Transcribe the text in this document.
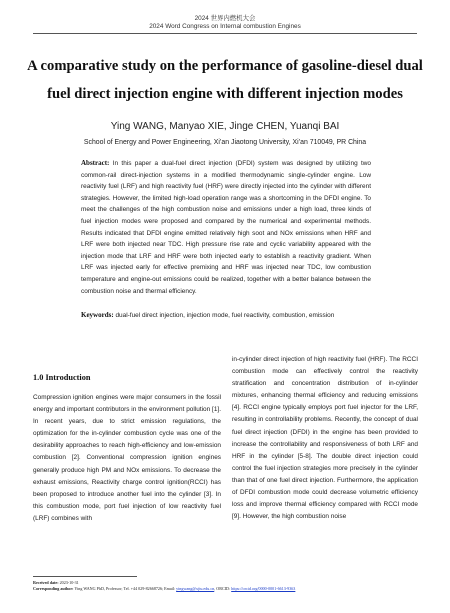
2024 世界内燃机大会
2024 Word Congress on Internal combustion Engines
A comparative study on the performance of gasoline-diesel dual
fuel direct injection engine with different injection modes
Ying WANG, Manyao XIE, Jinge CHEN, Yuanqi BAI
School of Energy and Power Engineering, Xi’an Jiaotong University, Xi’an 710049, PR China

Abstract: In this paper a dual-fuel direct injection (DFDI) system was designed by utilizing two common-rail direct-injection systems in a modified thermodynamic single-cylinder engine. Low reactivity fuel (LRF) and high reactivity fuel (HRF) were directly injected into the cylinder with different strategies. However, the limited high-load operation range was a shortcoming in the DFDI engine. To meet the challenges of the high combustion noise and emissions under a high load, three kinds of fuel injection modes were proposed and compared by the numerical and experimental methods. Results indicated that DFDI engine emitted relatively high soot and NOx emissions when HRF and LRF were both injected near TDC. High pressure rise rate and cyclic variability appeared with the injection mode that LRF and HRF were both injected early to establish a reactivity gradient. When LRF was injected early for effective premixing and HRF was injected near TDC, low combustion temperature and engine-out emissions could be realized, together with a better balance between the combustion noise and thermal efficiency.

Keywords: dual-fuel direct injection, injection mode, fuel reactivity, combustion, emission
1.0 Introduction

Compression ignition engines were major consumers in the fossil energy and important contributors in the environment pollution [1]. In recent years, due to strict emission regulations, the optimization for the in-cylinder combustion cycle was one of the desirability approaches to reach high-efficiency and low-emission combustion [2]. Conventional compression ignition engines generally produce high PM and NOx emissions. To decrease the exhaust emissions, Reactivity charge control ignition(RCCI) has been proposed to introduce another fuel into the cylinder [3]. In this combustion mode, port fuel injection of low reactivity fuel (LRF) combines with

in-cylinder direct injection of high reactivity fuel (HRF). The RCCI combustion mode can effectively control the reactivity stratification and concentration distribution of in-cylinder mixtures, enhancing thermal efficiency and reducing emissions [4]. RCCI engine typically employs port fuel injector for the LRF, resulting in controllability problems. Recently, the concept of dual fuel direct injection (DFDI) in the engine has been provided to increase the controllability and responsiveness of both LRF and HRF in the cylinder [5-8]. The double direct injection could control the fuel injection strategies more precisely in the cylinder than that of one fuel direct injection. Furthermore, the application of DFDI combustion mode could decrease volumetric efficiency loss and improve thermal efficiency compared with RCCI mode [9]. However, the high combustion noise

Received date: 2023-10-31
Corresponding author: Ying WANG PhD, Professor; Tel. +44 029-82668726; Email: yingwang@xjtu.edu.cn, ORCID: https://orcid.org/0000-0001-6613-9363
